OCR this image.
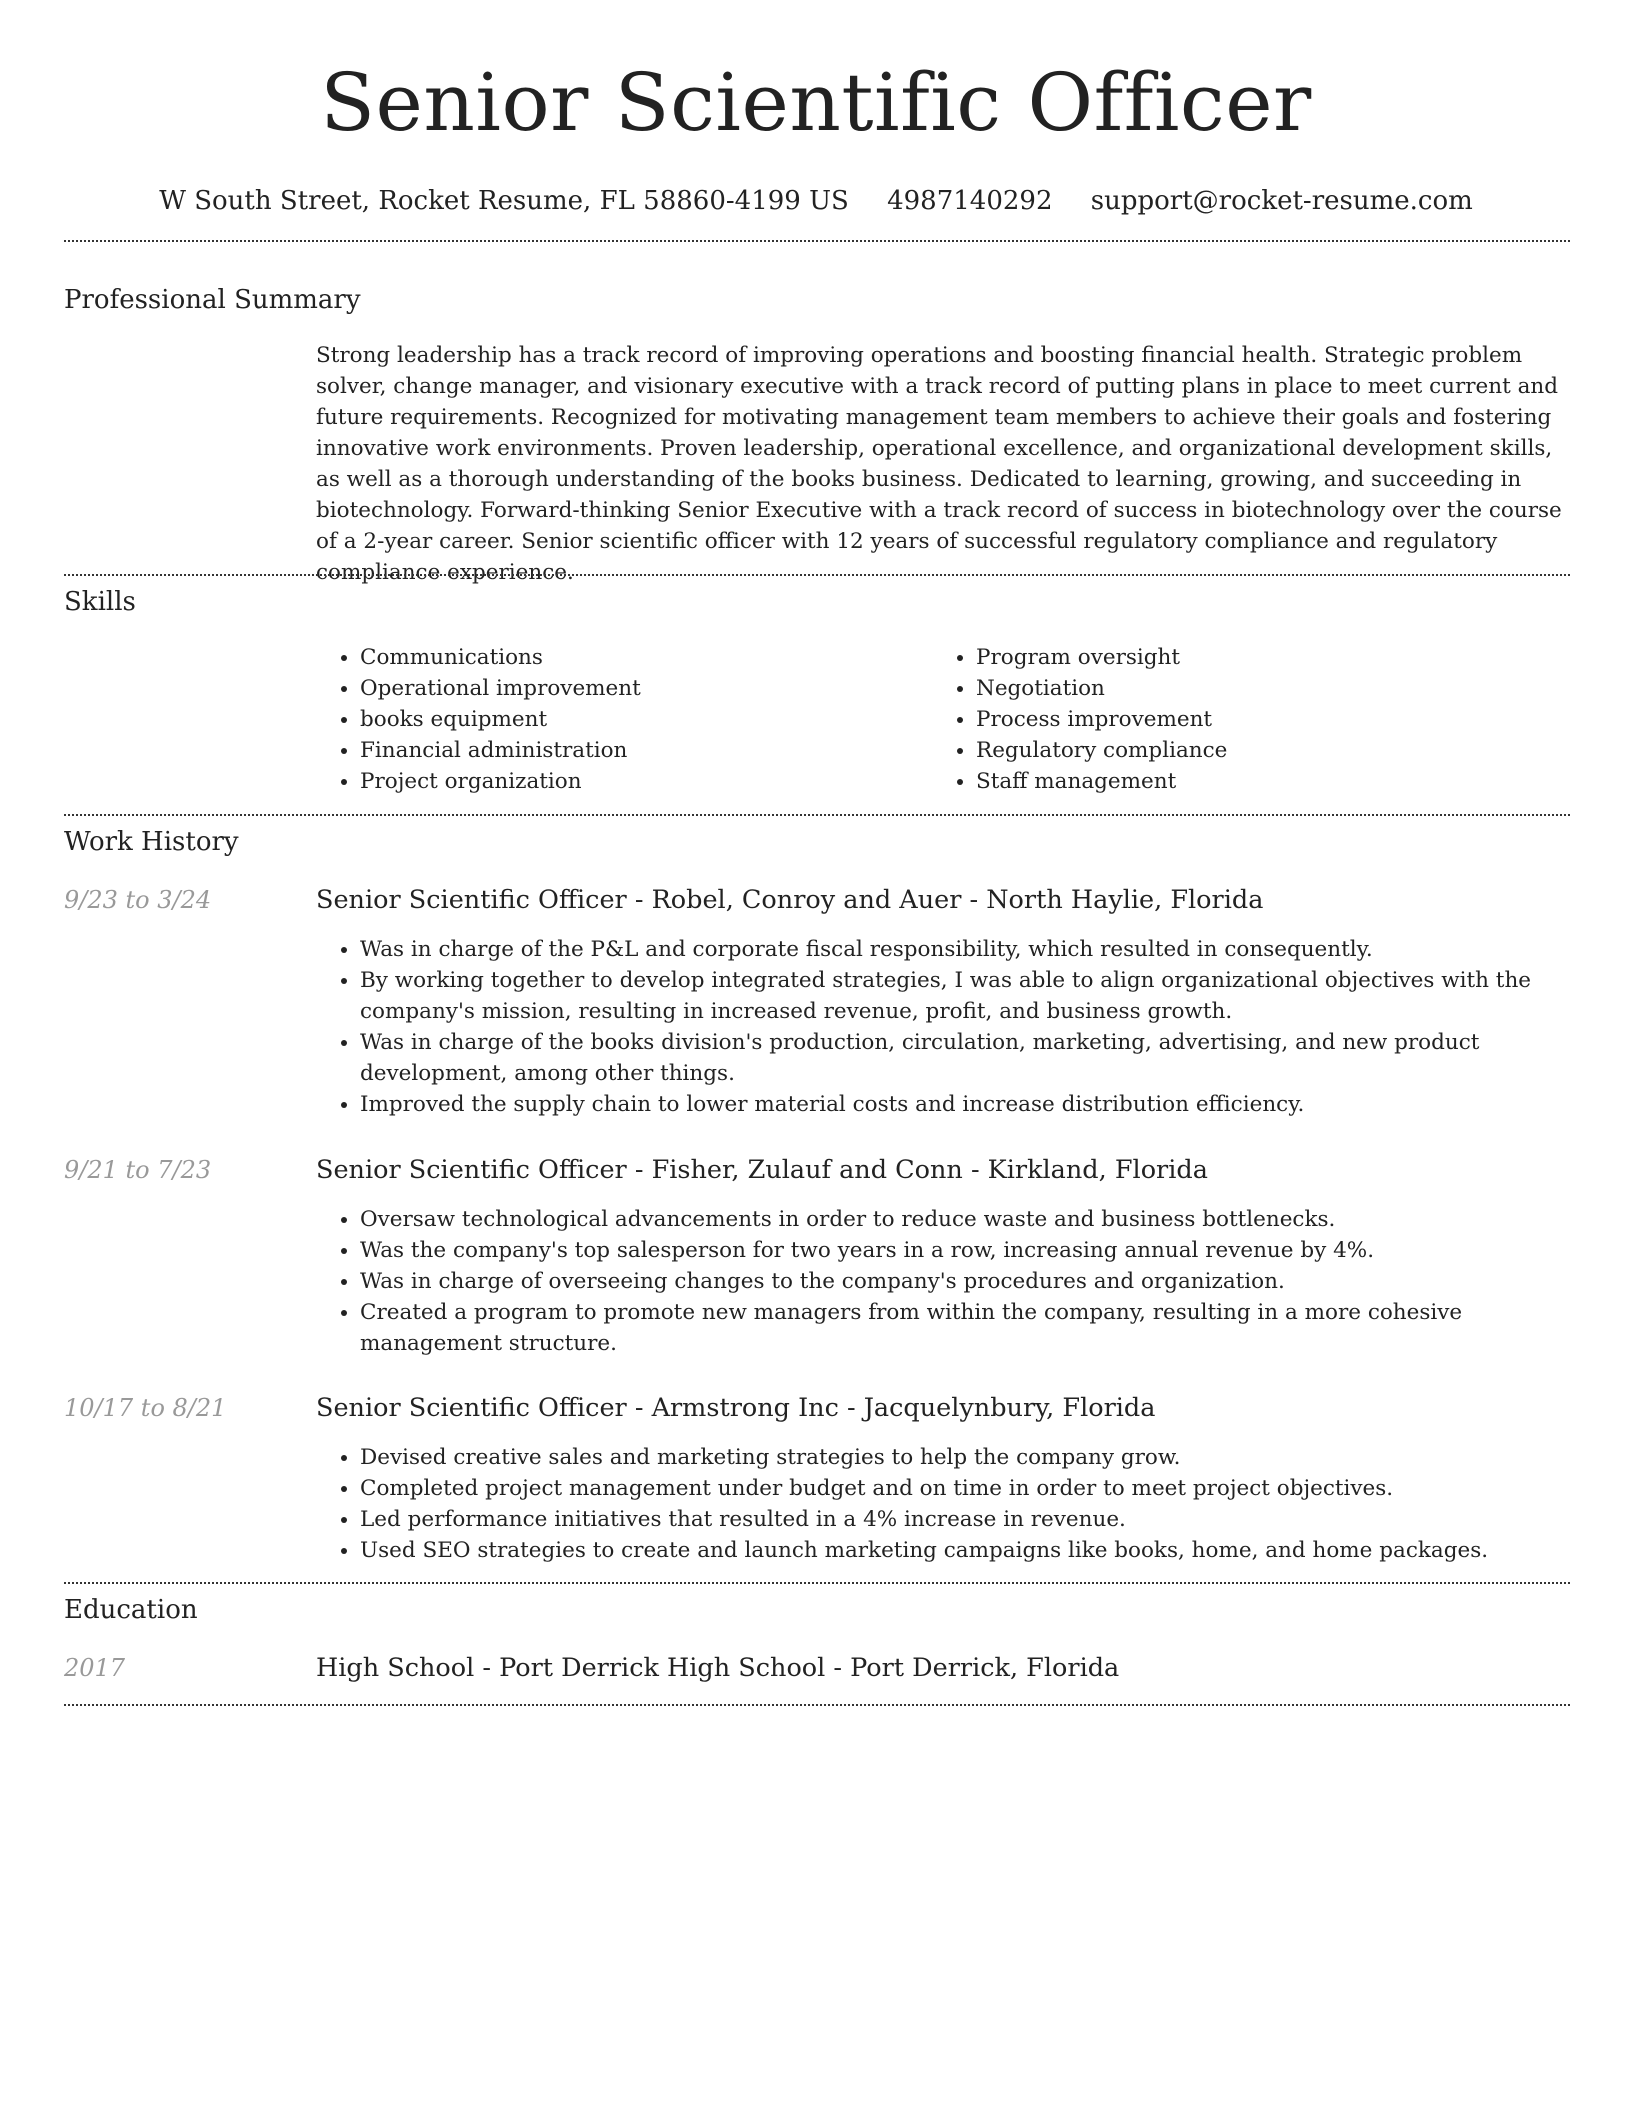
Senior Scientific Officer
W South Street, Rocket Resume, FL 58860-4199 US 4987140292 support@rocket-resume.com
Professional Summary

Strong leadership has a track record of improving operations and boosting financial health. Strategic problem solver, change manager, and visionary executive with a track record of putting plans in place to meet current and future requirements. Recognized for motivating management team members to achieve their goals and fostering innovative work environments. Proven leadership, operational excellence, and organizational development skills, as well as a thorough understanding of the books business. Dedicated to learning, growing, and succeeding in biotechnology. Forward-thinking Senior Executive with a track record of success in biotechnology over the course of a 2-year career. Senior scientific officer with 12 years of successful regulatory compliance and regulatory compliance experience.

Skills
• Communications
• Operational improvement
• books equipment
• Financial administration
• Project organization
• Program oversight
• Negotiation
• Process improvement
• Regulatory compliance
• Staff management
Work History
9/23 to 3/24	Senior Scientific Officer - Robel, Conroy and Auer - North Haylie, Florida
• Was in charge of the P&L and corporate fiscal responsibility, which resulted in consequently.
• By working together to develop integrated strategies, I was able to align organizational objectives with the company's mission, resulting in increased revenue, profit, and business growth.
• Was in charge of the books division's production, circulation, marketing, advertising, and new product development, among other things.
• Improved the supply chain to lower material costs and increase distribution efficiency.
9/21 to 7/23	Senior Scientific Officer - Fisher, Zulauf and Conn - Kirkland, Florida
• Oversaw technological advancements in order to reduce waste and business bottlenecks.
• Was the company's top salesperson for two years in a row, increasing annual revenue by 4%.
• Was in charge of overseeing changes to the company's procedures and organization.
• Created a program to promote new managers from within the company, resulting in a more cohesive management structure.
10/17 to 8/21	Senior Scientific Officer - Armstrong Inc - Jacquelynbury, Florida
• Devised creative sales and marketing strategies to help the company grow.
• Completed project management under budget and on time in order to meet project objectives.
• Led performance initiatives that resulted in a 4% increase in revenue.
• Used SEO strategies to create and launch marketing campaigns like books, home, and home packages.
Education
2017	High School - Port Derrick High School - Port Derrick, Florida
